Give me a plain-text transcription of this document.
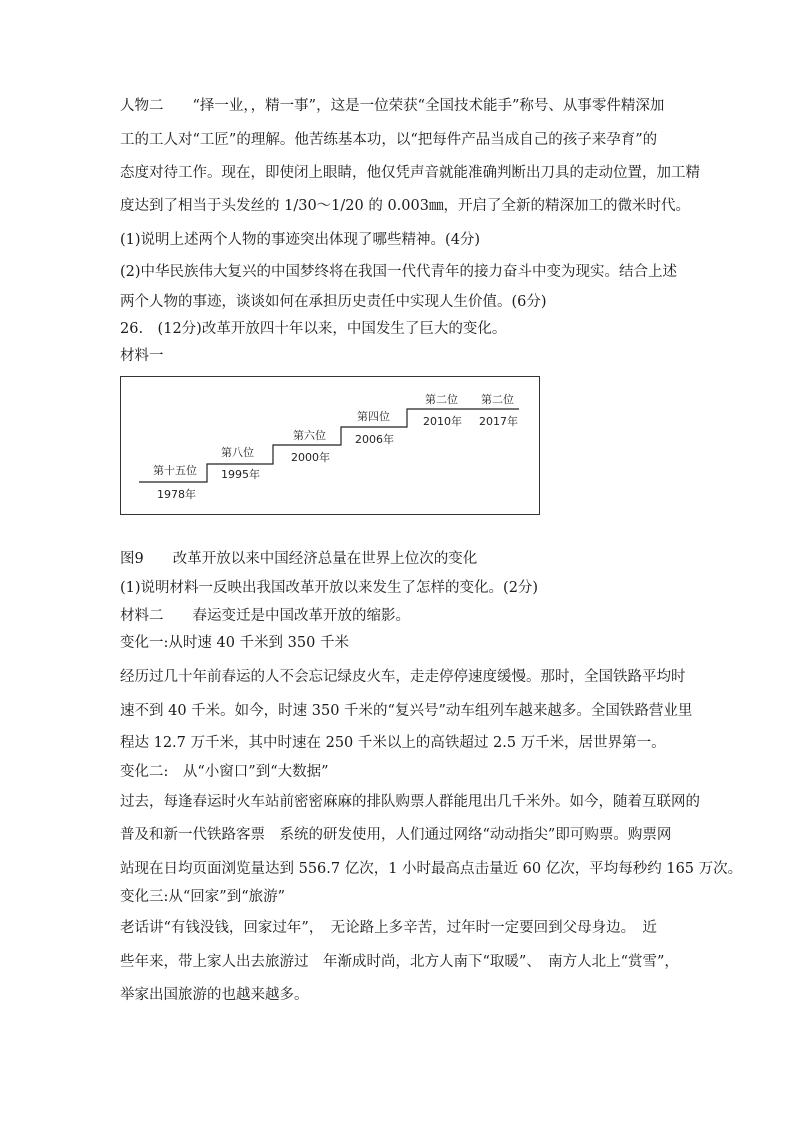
人物二　　“择一业，，精一事”，这是一位荣获“全国技术能手”称号、从事零件精深加
工的工人对“工匠”的理解。他苦练基本功，以“把每件产品当成自己的孩子来孕育”的
态度对待工作。现在，即使闭上眼睛，他仅凭声音就能准确判断出刀具的走动位置，加工精
度达到了相当于头发丝的 1/30～1/20 的 0.003㎜，开启了全新的精深加工的微米时代。
(1)说明上述两个人物的事迹突出体现了哪些精神。(4分)
(2)中华民族伟大复兴的中国梦终将在我国一代代青年的接力奋斗中变为现实。结合上述
两个人物的事迹，谈谈如何在承担历史责任中实现人生价值。(6分)
26.　(12分)改革开放四十年以来，中国发生了巨大的变化。
材料一
第十五位
1978年
第八位
1995年
第六位
2000年
第四位
2006年
第二位
2010年
第二位
2017年
图9　　改革开放以来中国经济总量在世界上位次的变化
(1)说明材料一反映出我国改革开放以来发生了怎样的变化。(2分)
材料二　　春运变迁是中国改革开放的缩影。
变化一:从时速 40 千米到 350 千米
经历过几十年前春运的人不会忘记绿皮火车，走走停停速度缓慢。那时，全国铁路平均时
速不到 40 千米。如今，时速 350 千米的“复兴号”动车组列车越来越多。全国铁路营业里
程达 12.7 万千米，其中时速在 250 千米以上的高铁超过 2.5 万千米，居世界第一。
变化二:　从“小窗口”到“大数据”
过去，每逢春运时火车站前密密麻麻的排队购票人群能甩出几千米外。如今，随着互联网的
普及和新一代铁路客票　系统的研发使用，人们通过网络“动动指尖”即可购票。购票网
站现在日均页面浏览量达到 556.7 亿次，1 小时最高点击量近 60 亿次，平均每秒约 165 万次。
变化三:从“回家”到“旅游”
老话讲“有钱没钱，回家过年”，　无论路上多辛苦，过年时一定要回到父母身边。　近
些年来，带上家人出去旅游过　年渐成时尚，北方人南下“取暖”、　南方人北上“赏雪”，
举家出国旅游的也越来越多。
